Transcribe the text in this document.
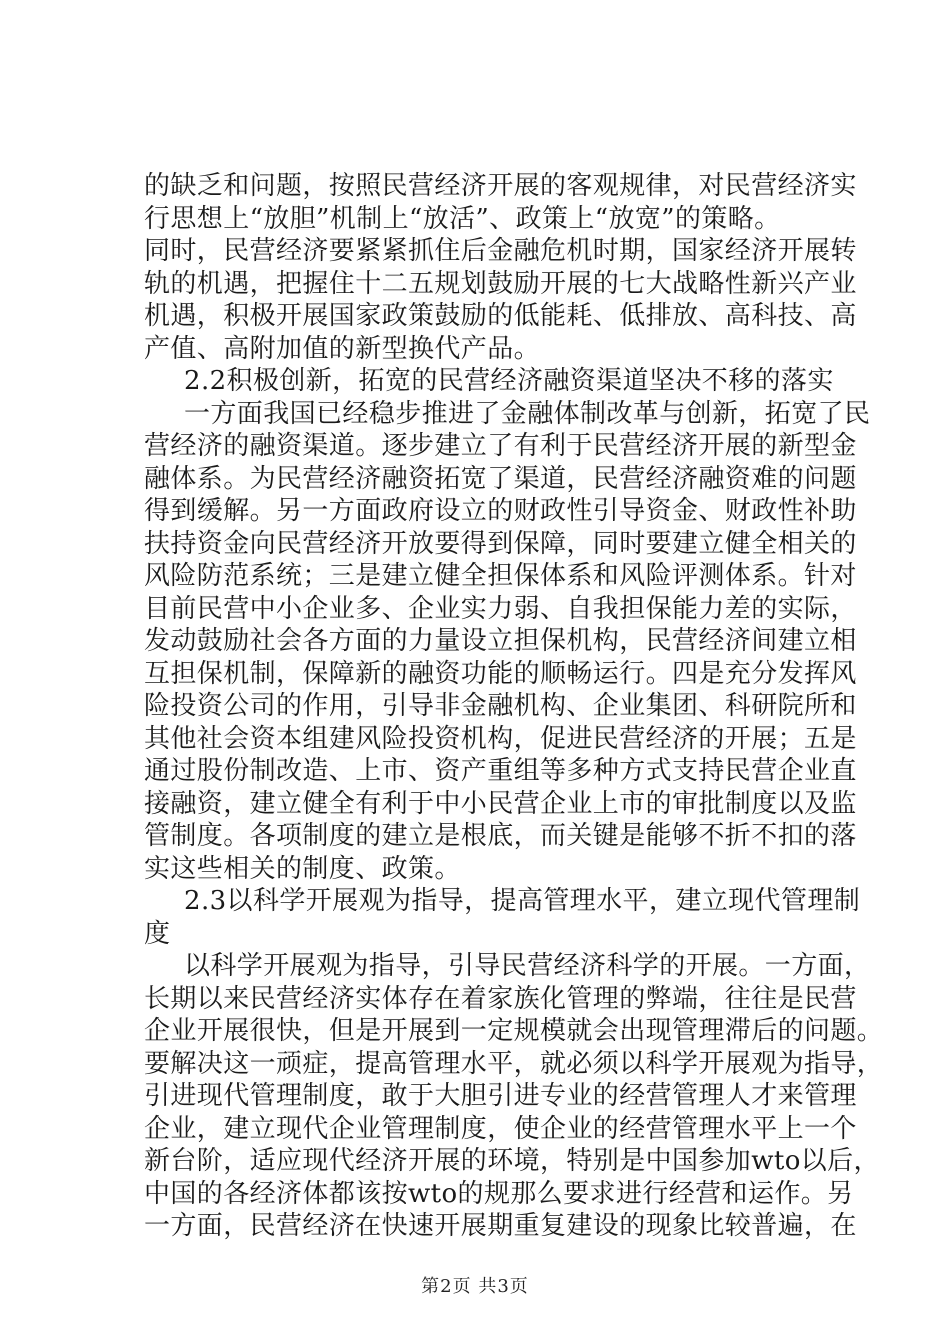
的缺乏和问题，按照民营经济开展的客观规律，对民营经济实
行思想上“放胆”机制上“放活”、政策上“放宽”的策略。
同时，民营经济要紧紧抓住后金融危机时期，国家经济开展转
轨的机遇，把握住十二五规划鼓励开展的七大战略性新兴产业
机遇，积极开展国家政策鼓励的低能耗、低排放、高科技、高
产值、高附加值的新型换代产品。
2.2积极创新，拓宽的民营经济融资渠道坚决不移的落实
一方面我国已经稳步推进了金融体制改革与创新，拓宽了民
营经济的融资渠道。逐步建立了有利于民营经济开展的新型金
融体系。为民营经济融资拓宽了渠道，民营经济融资难的问题
得到缓解。另一方面政府设立的财政性引导资金、财政性补助
扶持资金向民营经济开放要得到保障，同时要建立健全相关的
风险防范系统；三是建立健全担保体系和风险评测体系。针对
目前民营中小企业多、企业实力弱、自我担保能力差的实际，
发动鼓励社会各方面的力量设立担保机构，民营经济间建立相
互担保机制，保障新的融资功能的顺畅运行。四是充分发挥风
险投资公司的作用，引导非金融机构、企业集团、科研院所和
其他社会资本组建风险投资机构，促进民营经济的开展；五是
通过股份制改造、上市、资产重组等多种方式支持民营企业直
接融资，建立健全有利于中小民营企业上市的审批制度以及监
管制度。各项制度的建立是根底，而关键是能够不折不扣的落
实这些相关的制度、政策。
2.3以科学开展观为指导，提高管理水平，建立现代管理制
度
以科学开展观为指导，引导民营经济科学的开展。一方面，
长期以来民营经济实体存在着家族化管理的弊端，往往是民营
企业开展很快，但是开展到一定规模就会出现管理滞后的问题。
要解决这一顽症，提高管理水平，就必须以科学开展观为指导，
引进现代管理制度，敢于大胆引进专业的经营管理人才来管理
企业，建立现代企业管理制度，使企业的经营管理水平上一个
新台阶，适应现代经济开展的环境，特别是中国参加wto以后，
中国的各经济体都该按wto的规那么要求进行经营和运作。另
一方面，民营经济在快速开展期重复建设的现象比较普遍，在
第2页 共3页
